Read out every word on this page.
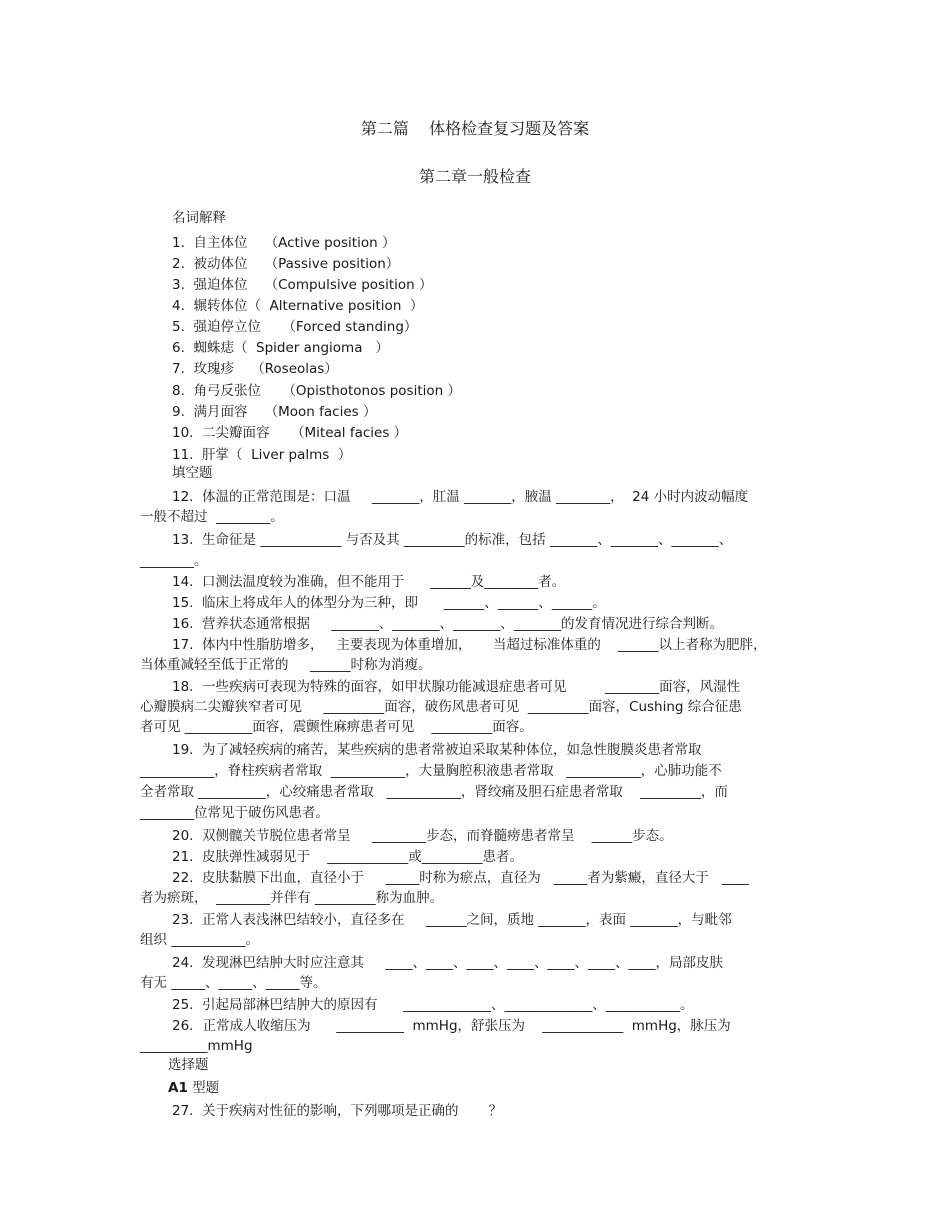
第二篇    体格检查复习题及答案
第二章一般检查
名词解释
1.  自主体位    （Active position ）
2.  被动体位    （Passive position）
3.  强迫体位    （Compulsive position ）
4.  辗转体位（  Alternative position  ）
5.  强迫停立位     （Forced standing）
6.  蜘蛛痣（  Spider angioma   ）
7.  玫瑰疹    （Roseolas）
8.  角弓反张位     （Opisthotonos position ）
9.  满月面容    （Moon facies ）
10.  二尖瓣面容     （Miteal facies ）
11.  肝掌（  Liver palms  ）
填空题
12.  体温的正常范围是：口温     _______，肛温 _______，腋温 ________，  24 小时内波动幅度
一般不超过  ________。
13.  生命征是 ____________ 与否及其 _________的标准，包括 _______、_______、_______、
________。
14.  口测法温度较为准确，但不能用于      ______及________者。
15.  临床上将成年人的体型分为三种，即      ______、______、______。
16.  营养状态通常根据     _______、_______、_______、_______的发育情况进行综合判断。
17.  体内中性脂肪增多，   主要表现为体重增加，     当超过标准体重的    ______以上者称为肥胖，
当体重减轻至低于正常的     ______时称为消瘦。
18.  一些疾病可表现为特殊的面容，如甲状腺功能减退症患者可见         ________面容，风湿性
心瓣膜病二尖瓣狭窄者可见     _________面容，破伤风患者可见  _________面容，Cushing 综合征患
者可见 __________面容，震颤性麻痹患者可见    _________面容。
19.  为了减轻疾病的痛苦，某些疾病的患者常被迫采取某种体位，如急性腹膜炎患者常取
___________，脊柱疾病者常取  ___________，大量胸腔积液患者常取   ___________，心肺功能不
全者常取 __________，心绞痛患者常取   ___________，肾绞痛及胆石症患者常取    _________，而
________位常见于破伤风患者。
20.  双侧髋关节脱位患者常呈     ________步态，而脊髓痨患者常呈    ______步态。
21.  皮肤弹性减弱见于    ____________或_________患者。
22.  皮肤黏膜下出血，直径小于     _____时称为瘀点，直径为   _____者为紫癜，直径大于   ____
者为瘀斑，  ________并伴有 _________称为血肿。
23.  正常人表浅淋巴结较小，直径多在     ______之间，质地 _______，表面 _______，与毗邻
组织 ___________。
24.  发现淋巴结肿大时应注意其     ____、____、____、____、____、____、____，局部皮肤
有无 _____、_____、_____等。
25.  引起局部淋巴结肿大的原因有      _____________、_____________、___________。
26．正常成人收缩压为      __________  mmHg，舒张压为    ____________  mmHg，脉压为
__________mmHg
选择题
A1 型题
27.  关于疾病对性征的影响，下列哪项是正确的       ？
